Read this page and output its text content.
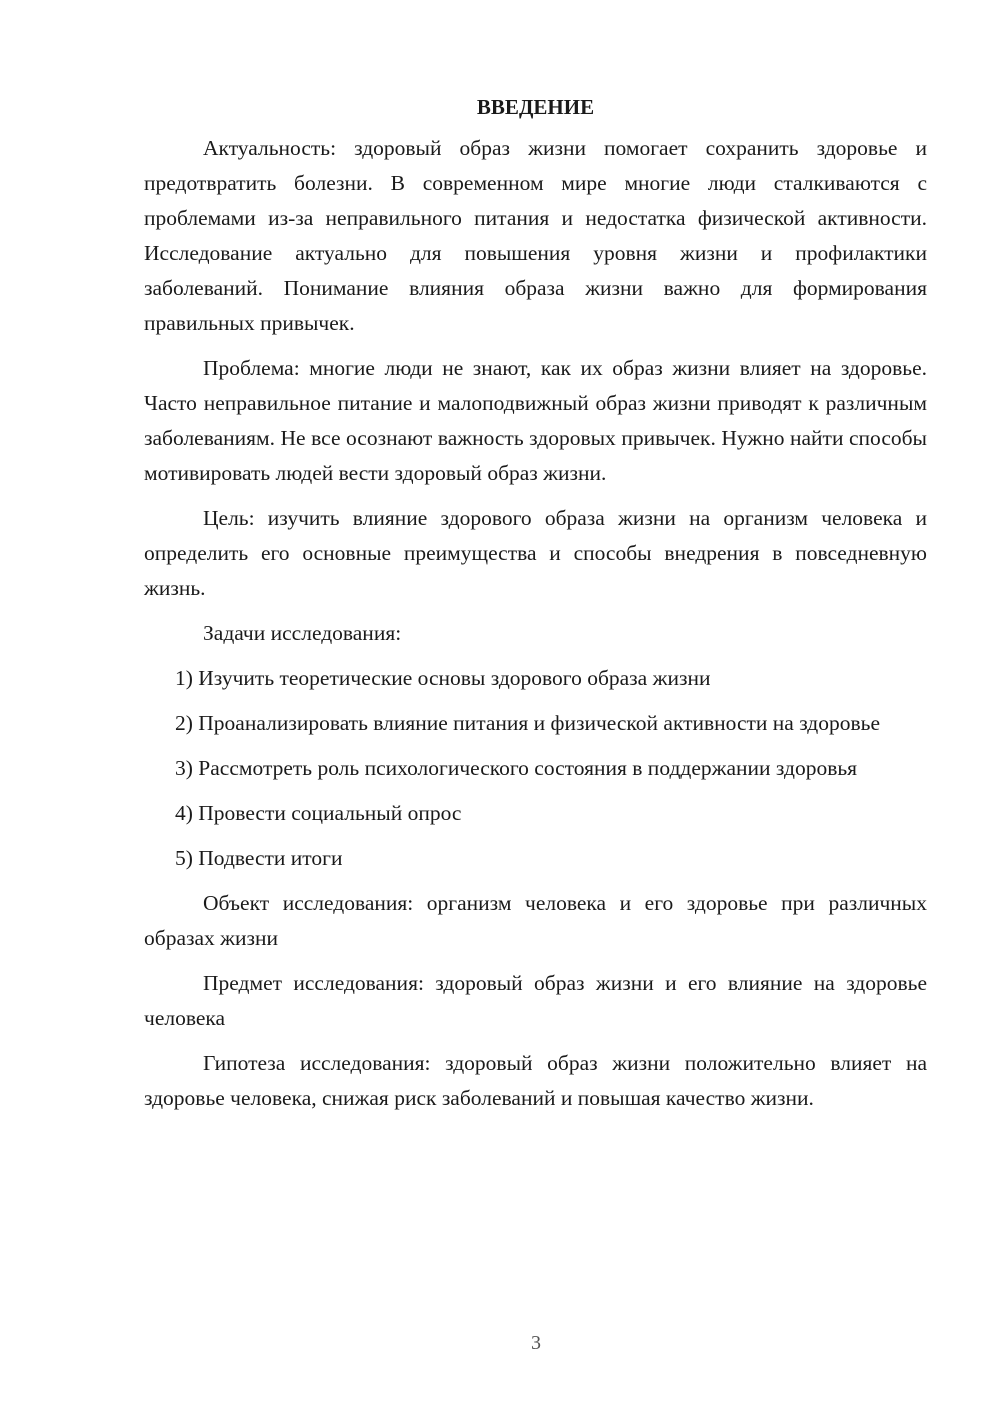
ВВЕДЕНИЕ

Актуальность: здоровый образ жизни помогает сохранить здоровье и предотвратить болезни. В современном мире многие люди сталкиваются с проблемами из-за неправильного питания и недостатка физической активности. Исследование актуально для повышения уровня жизни и профилактики заболеваний. Понимание влияния образа жизни важно для формирования правильных привычек.

Проблема: многие люди не знают, как их образ жизни влияет на здоровье. Часто неправильное питание и малоподвижный образ жизни приводят к различным заболеваниям. Не все осознают важность здоровых привычек. Нужно найти способы мотивировать людей вести здоровый образ жизни.

Цель: изучить влияние здорового образа жизни на организм человека и определить его основные преимущества и способы внедрения в повседневную жизнь.

Задачи исследования:

1) Изучить теоретические основы здорового образа жизни

2) Проанализировать влияние питания и физической активности на здоровье

3) Рассмотреть роль психологического состояния в поддержании здоровья

4) Провести социальный опрос

5) Подвести итоги

Объект исследования: организм человека и его здоровье при различных образах жизни

Предмет исследования: здоровый образ жизни и его влияние на здоровье человека

Гипотеза исследования: здоровый образ жизни положительно влияет на здоровье человека, снижая риск заболеваний и повышая качество жизни.

3
